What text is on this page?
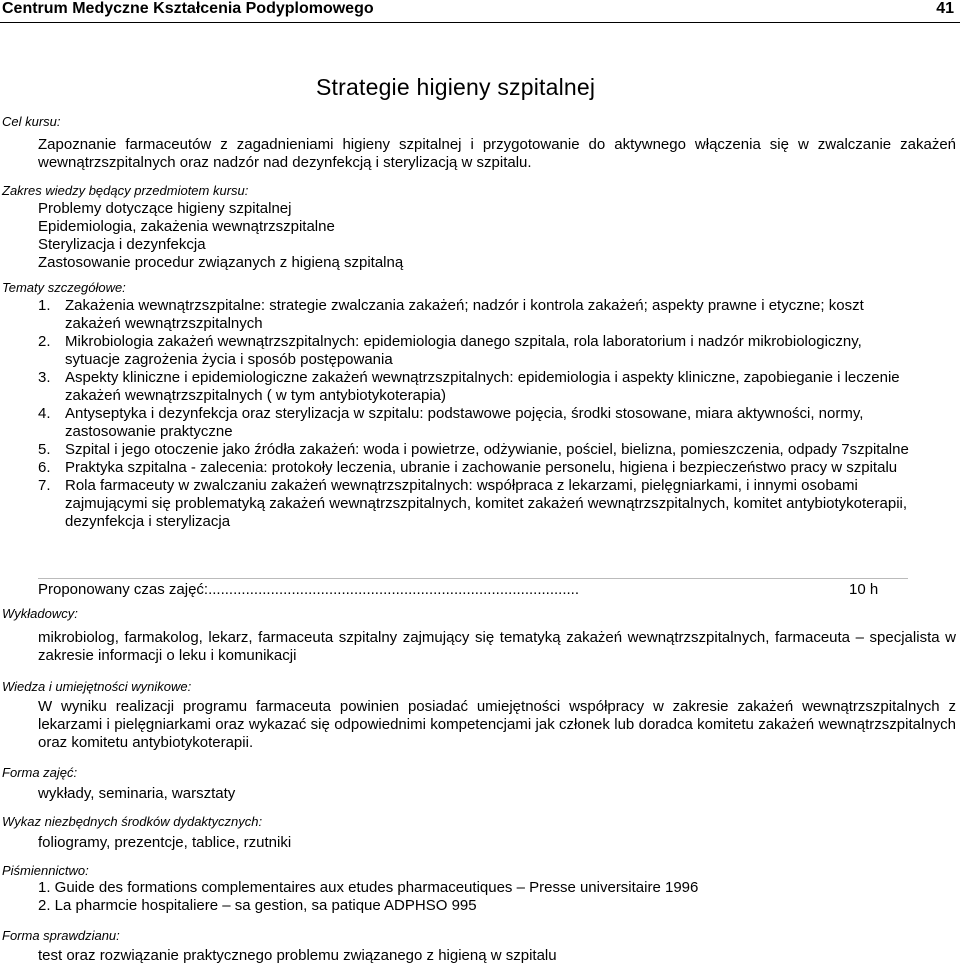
Centrum Medyczne Kształcenia Podyplomowego	41
Strategie higieny szpitalnej
Cel kursu:
Zapoznanie farmaceutów z zagadnieniami higieny szpitalnej i przygotowanie do aktywnego włączenia się w zwalczanie zakażeń wewnątrzszpitalnych oraz nadzór nad dezynfekcją i sterylizacją w szpitalu.
Zakres wiedzy będący przedmiotem kursu:
Problemy dotyczące higieny szpitalnej
Epidemiologia, zakażenia wewnątrzszpitalne
Sterylizacja i dezynfekcja
Zastosowanie procedur związanych z higieną szpitalną
Tematy szczegółowe:
1. Zakażenia wewnątrzszpitalne: strategie zwalczania zakażeń; nadzór i kontrola zakażeń; aspekty prawne i etyczne; koszt zakażeń wewnątrzszpitalnych
2. Mikrobiologia zakażeń wewnątrzszpitalnych: epidemiologia danego szpitala, rola laboratorium i nadzór mikrobiologiczny, sytuacje zagrożenia życia i sposób postępowania
3. Aspekty kliniczne i epidemiologiczne zakażeń wewnątrzszpitalnych: epidemiologia i aspekty kliniczne, zapobieganie i leczenie zakażeń wewnątrzszpitalnych ( w tym antybiotykoterapia)
4. Antyseptyka i dezynfekcja oraz sterylizacja w szpitalu: podstawowe pojęcia, środki stosowane, miara aktywności, normy, zastosowanie praktyczne
5. Szpital i jego otoczenie jako źródła zakażeń: woda i powietrze, odżywianie, pościel, bielizna, pomieszczenia, odpady 7szpitalne
6. Praktyka szpitalna - zalecenia: protokoły leczenia, ubranie i zachowanie personelu, higiena i bezpieczeństwo pracy w szpitalu
7. Rola farmaceuty w zwalczaniu zakażeń wewnątrzszpitalnych: współpraca z lekarzami, pielęgniarkami, i innymi osobami zajmującymi się problematyką zakażeń wewnątrzszpitalnych, komitet zakażeń wewnątrzszpitalnych, komitet antybiotykoterapii, dezynfekcja i sterylizacja
Proponowany czas zajęć:.........................................................................................	10 h
Wykładowcy:
mikrobiolog, farmakolog, lekarz, farmaceuta szpitalny zajmujący się tematyką zakażeń wewnątrzszpitalnych, farmaceuta – specjalista w zakresie informacji o leku i komunikacji
Wiedza i umiejętności wynikowe:
W wyniku realizacji programu farmaceuta powinien posiadać umiejętności współpracy w zakresie zakażeń wewnątrzszpitalnych z lekarzami i pielęgniarkami oraz wykazać się odpowiednimi kompetencjami jak członek lub doradca komitetu zakażeń wewnątrzszpitalnych oraz komitetu antybiotykoterapii.
Forma zajęć:
wykłady, seminaria, warsztaty
Wykaz niezbędnych środków dydaktycznych:
foliogramy, prezentcje, tablice, rzutniki
Piśmiennictwo:
1. Guide des formations complementaires aux etudes pharmaceutiques – Presse universitaire 1996
2. La pharmcie hospitaliere – sa gestion, sa patique ADPHSO 995
Forma sprawdzianu:
test oraz rozwiązanie praktycznego problemu związanego z higieną w szpitalu
